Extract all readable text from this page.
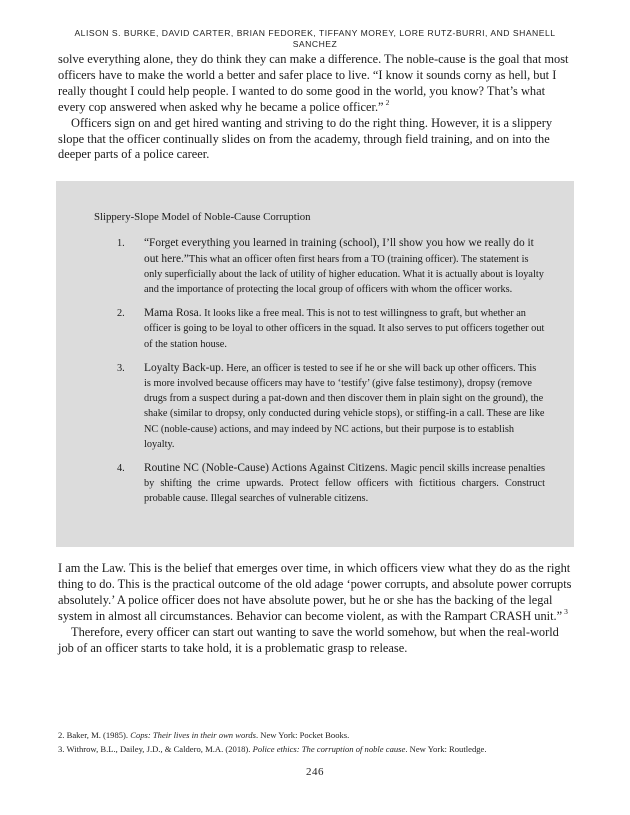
ALISON S. BURKE, DAVID CARTER, BRIAN FEDOREK, TIFFANY MOREY, LORE RUTZ-BURRI, AND SHANELL
SANCHEZ

solve everything alone, they do think they can make a difference. The noble-cause is the goal that most officers have to make the world a better and safer place to live. “I know it sounds corny as hell, but I really thought I could help people. I wanted to do some good in the world, you know? That’s what every cop answered when asked why he became a police officer.” $^2$

Officers sign on and get hired wanting and striving to do the right thing. However, it is a slippery slope that the officer continually slides on from the academy, through field training, and on into the deeper parts of a police career.

Slippery-Slope Model of Noble-Cause Corruption
1. “Forget everything you learned in training (school), I’ll show you how we really do it out here.”This what an officer often first hears from a TO (training officer). The statement is only superficially about the lack of utility of higher education. What it is actually about is loyalty and the importance of protecting the local group of officers with whom the officer works.
2. Mama Rosa. It looks like a free meal. This is not to test willingness to graft, but whether an officer is going to be loyal to other officers in the squad. It also serves to put officers together out of the station house.
3. Loyalty Back-up. Here, an officer is tested to see if he or she will back up other officers. This is more involved because officers may have to ‘testify’ (give false testimony), dropsy (remove drugs from a suspect during a pat-down and then discover them in plain sight on the ground), the shake (similar to dropsy, only conducted during vehicle stops), or stiffing-in a call. These are like NC (noble-cause) actions, and may indeed by NC actions, but their purpose is to establish loyalty.
4. Routine NC (Noble-Cause) Actions Against Citizens. Magic pencil skills increase penalties by shifting the crime upwards. Protect fellow officers with fictitious chargers. Construct probable cause. Illegal searches of vulnerable citizens.

I am the Law. This is the belief that emerges over time, in which officers view what they do as the right thing to do. This is the practical outcome of the old adage ‘power corrupts, and absolute power corrupts absolutely.’ A police officer does not have absolute power, but he or she has the backing of the legal system in almost all circumstances. Behavior can become violent, as with the Rampart CRASH unit.” $^3$

Therefore, every officer can start out wanting to save the world somehow, but when the real-world job of an officer starts to take hold, it is a problematic grasp to release.

2. Baker, M. (1985). Cops: Their lives in their own words. New York: Pocket Books.
3. Withrow, B.L., Dailey, J.D., & Caldero, M.A. (2018). Police ethics: The corruption of noble cause. New York: Routledge.
246
